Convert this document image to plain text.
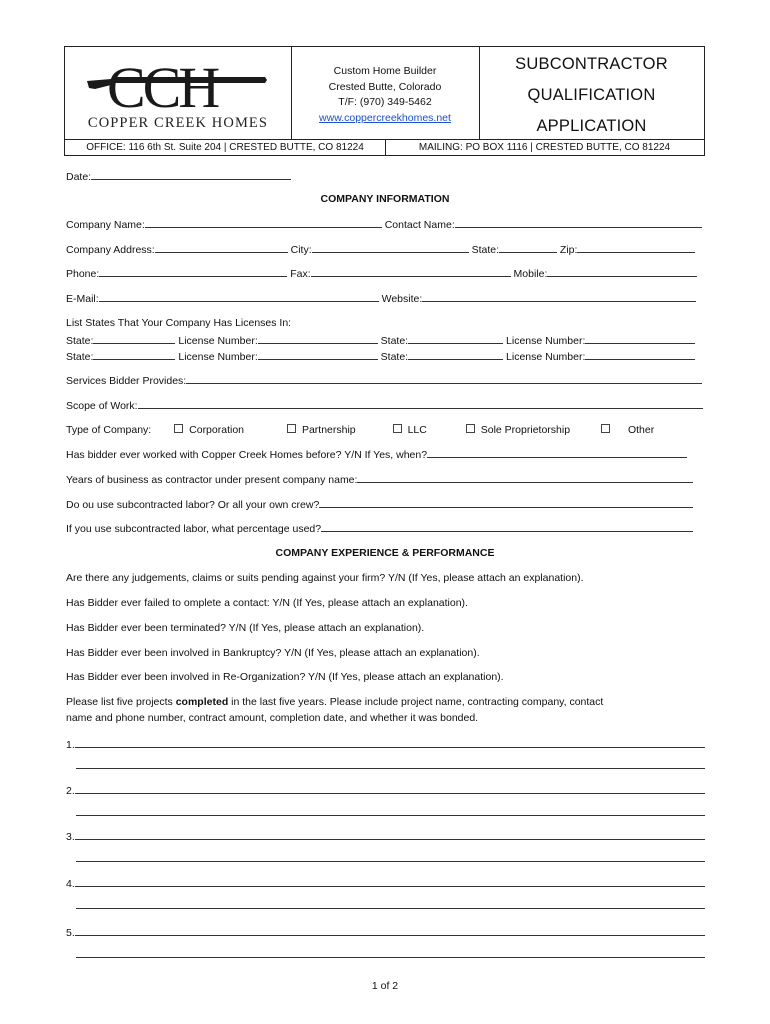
CCH
COPPER CREEK HOMES
Custom Home Builder
Crested Butte, Colorado
T/F: (970) 349-5462
www.coppercreekhomes.net
SUBCONTRACTOR
QUALIFICATION
APPLICATION
OFFICE: 116 6th St. Suite 204 | CRESTED BUTTE, CO 81224	MAILING: PO BOX 1116 | CRESTED BUTTE, CO 81224
Date:
COMPANY INFORMATION
Company Name:	Contact Name:
Company Address:	City:	State:	Zip:
Phone:	Fax:	Mobile:
E-Mail:	Website:
List States That Your Company Has Licenses In:
State:	License Number:	State:	License Number:
State:	License Number:	State:	License Number:
Services Bidder Provides:
Scope of Work:
Type of Company:	Corporation	Partnership	LLC	Sole Proprietorship	Other
Has bidder ever worked with Copper Creek Homes before? Y/N If Yes, when?
Years of business as contractor under present company name:
Do ou use subcontracted labor? Or all your own crew?
If you use subcontracted labor, what percentage used?
COMPANY EXPERIENCE & PERFORMANCE
Are there any judgements, claims or suits pending against your firm? Y/N (If Yes, please attach an explanation).
Has Bidder ever failed to omplete a contact: Y/N (If Yes, please attach an explanation).
Has Bidder ever been terminated? Y/N (If Yes, please attach an explanation).
Has Bidder ever been involved in Bankruptcy? Y/N (If Yes, please attach an explanation).
Has Bidder ever been involved in Re-Organization? Y/N (If Yes, please attach an explanation).
Please list five projects completed in the last five years. Please include project name, contracting company, contact
name and phone number, contract amount, completion date, and whether it was bonded.
1.
2.
3.
4.
5.
1 of 2
